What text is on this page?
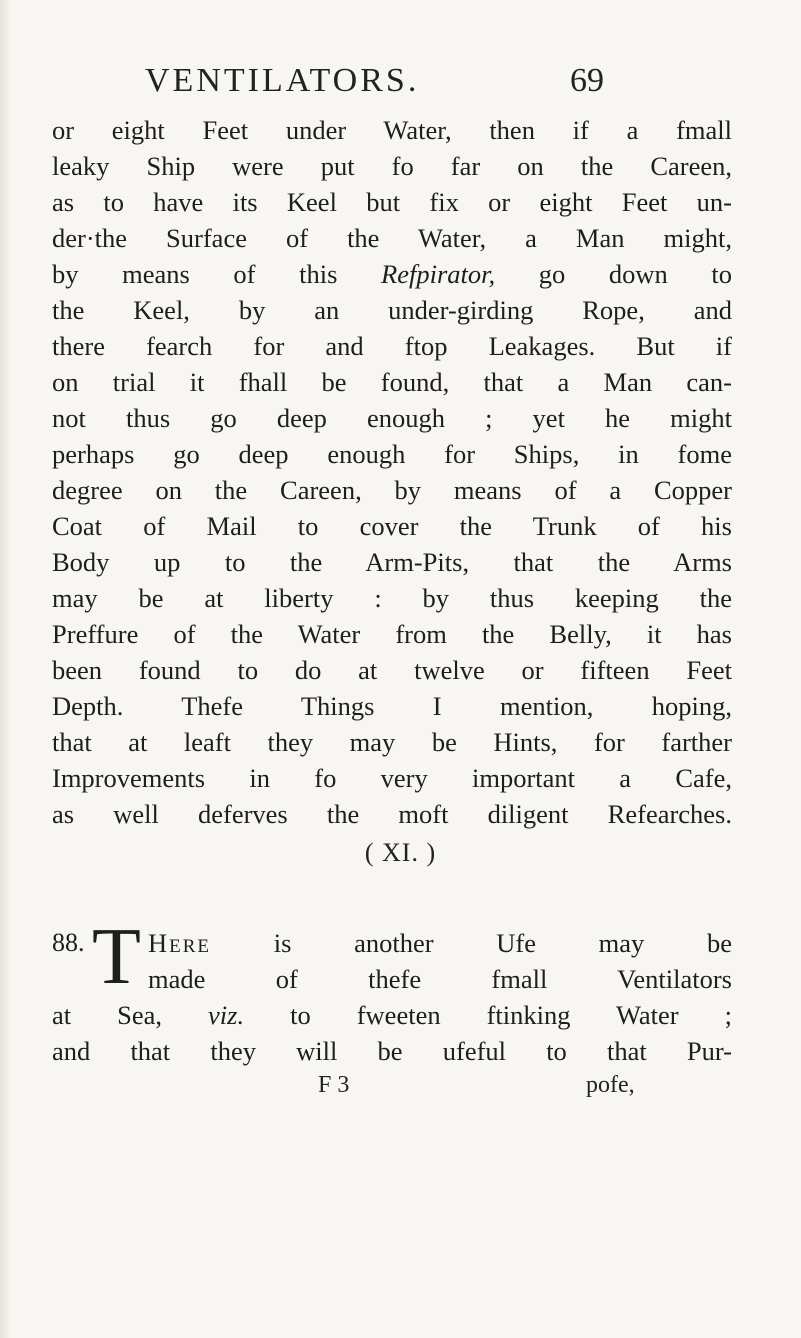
VENTILATORS.	69
or eight Feet under Water, then if a fmall
leaky Ship were put fo far on the Careen,
as to have its Keel but fix or eight Feet un-
der·the Surface of the Water, a Man might,
by means of this Refpirator, go down to
the Keel, by an under-girding Rope, and
there fearch for and ftop Leakages. But if
on trial it fhall be found, that a Man can-
not thus go deep enough ; yet he might
perhaps go deep enough for Ships, in fome
degree on the Careen, by means of a Copper
Coat of Mail to cover the Trunk of his
Body up to the Arm-Pits, that the Arms
may be at liberty : by thus keeping the
Preffure of the Water from the Belly, it has
been found to do at twelve or fifteen Feet
Depth. Thefe Things I mention, hoping,
that at leaft they may be Hints, for farther
Improvements in fo very important a Cafe,
as well deferves the moft diligent Refearches.
( XI. )
88. T Here is another Ufe may be
made of thefe fmall Ventilators
at Sea, viz. to fweeten ftinking Water ;
and that they will be ufeful to that Pur-
F 3	pofe,
